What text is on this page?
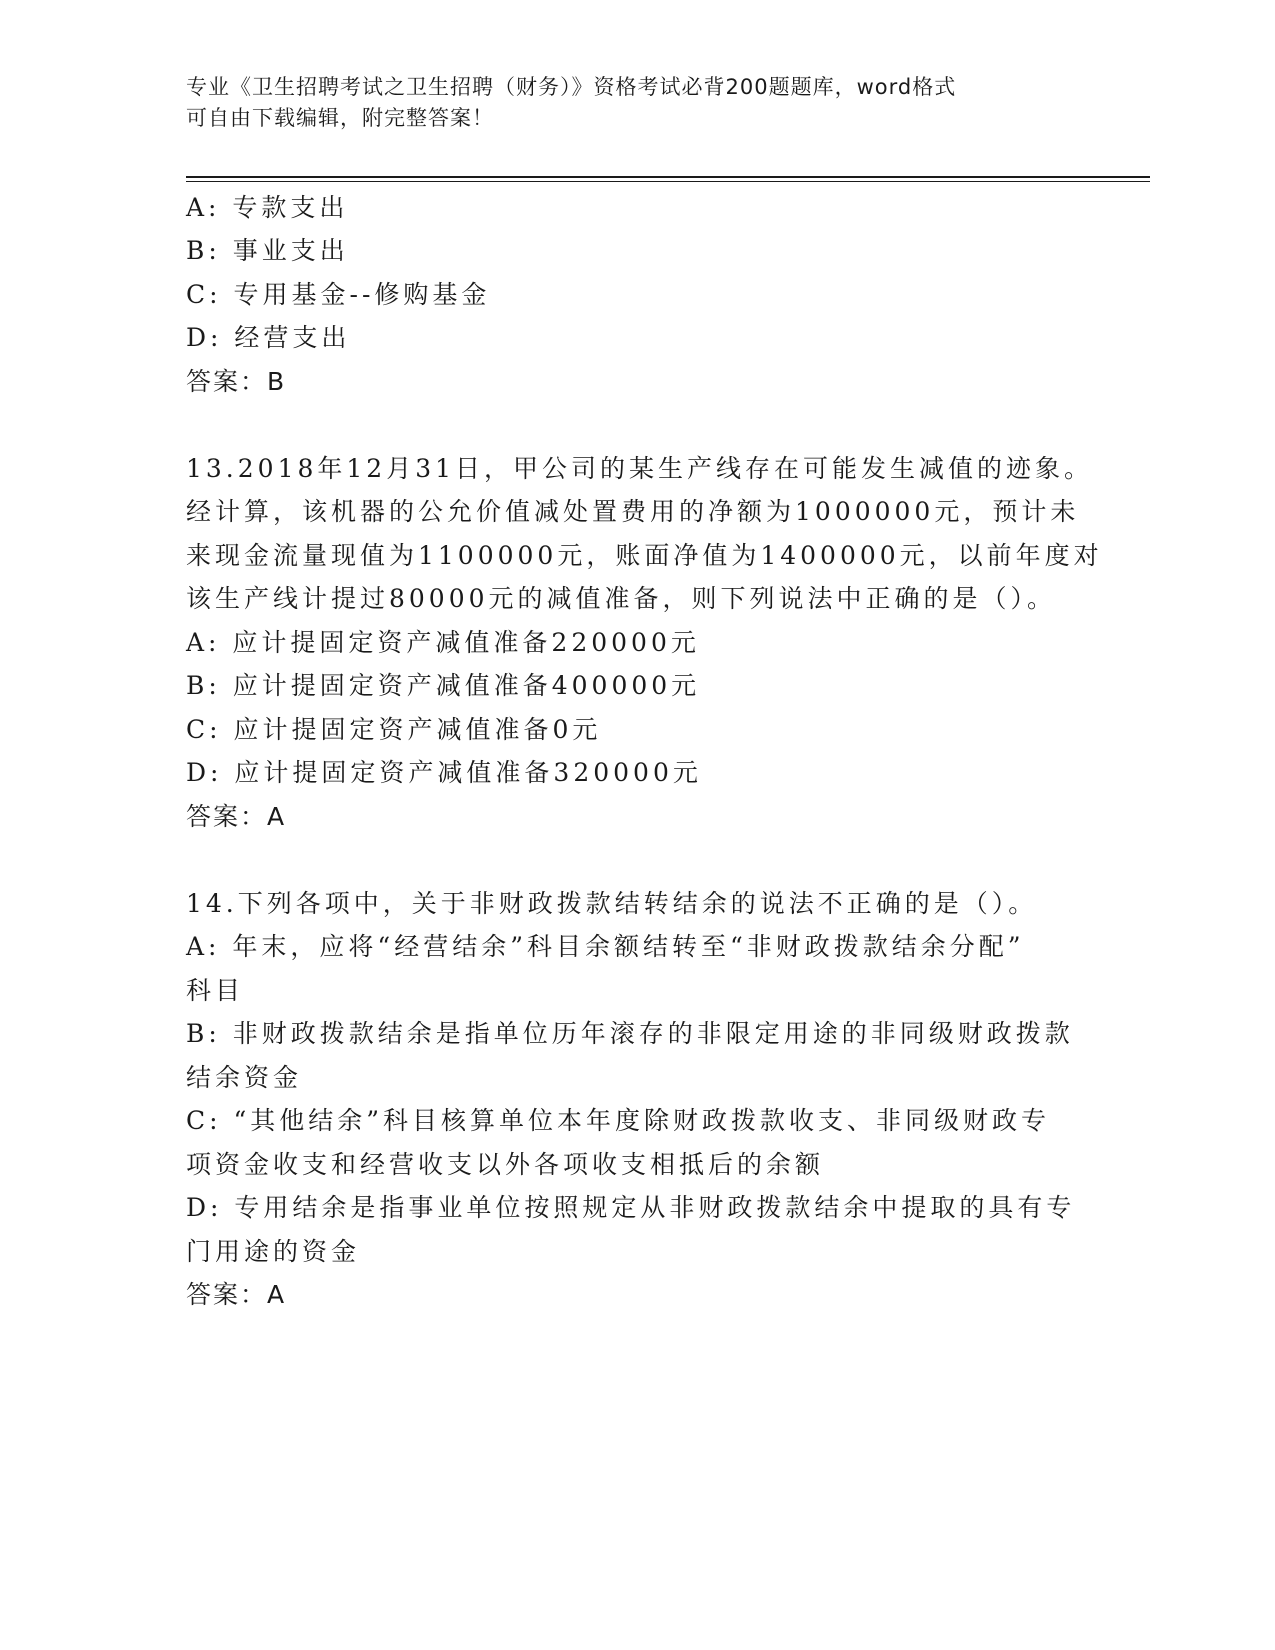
专业《卫生招聘考试之卫生招聘（财务）》资格考试必背200题题库，word格式
可自由下载编辑，附完整答案！
A: 专款支出
B: 事业支出
C: 专用基金--修购基金
D: 经营支出
答案：B
13.2018年12月31日，甲公司的某生产线存在可能发生减值的迹象。
经计算，该机器的公允价值减处置费用的净额为1000000元，预计未
来现金流量现值为1100000元，账面净值为1400000元，以前年度对
该生产线计提过80000元的减值准备，则下列说法中正确的是（）。
A: 应计提固定资产减值准备220000元
B: 应计提固定资产减值准备400000元
C: 应计提固定资产减值准备0元
D: 应计提固定资产减值准备320000元
答案：A
14.下列各项中，关于非财政拨款结转结余的说法不正确的是（）。
A: 年末，应将“经营结余”科目余额结转至“非财政拨款结余分配”
科目
B: 非财政拨款结余是指单位历年滚存的非限定用途的非同级财政拨款
结余资金
C: “其他结余”科目核算单位本年度除财政拨款收支、非同级财政专
项资金收支和经营收支以外各项收支相抵后的余额
D: 专用结余是指事业单位按照规定从非财政拨款结余中提取的具有专
门用途的资金
答案：A
